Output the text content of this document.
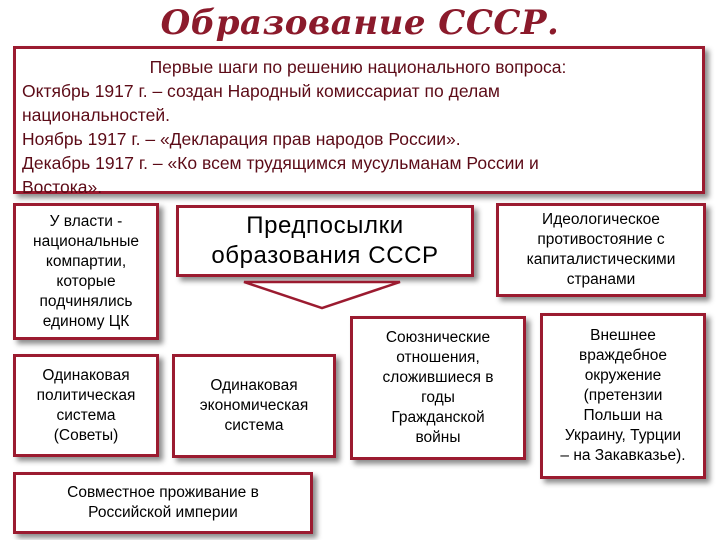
Образование СССР.
Первые шаги по решению национального вопроса:
Октябрь 1917 г. – создан Народный комиссариат по делам
национальностей.
Ноябрь 1917 г. – «Декларация прав народов России».
Декабрь 1917 г. – «Ко всем трудящимся мусульманам России и
Востока».
У власти -
национальные
компартии,
которые
подчинялись
единому ЦК
Предпосылки
образования СССР
Идеологическое
противостояние с
капиталистическими
странами
Союзнические
отношения,
сложившиеся в
годы
Гражданской
войны
Внешнее
враждебное
окружение
(претензии
Польши на
Украину, Турции
– на Закавказье).
Одинаковая
политическая
система
(Советы)
Одинаковая
экономическая
система
Совместное проживание в
Российской империи
